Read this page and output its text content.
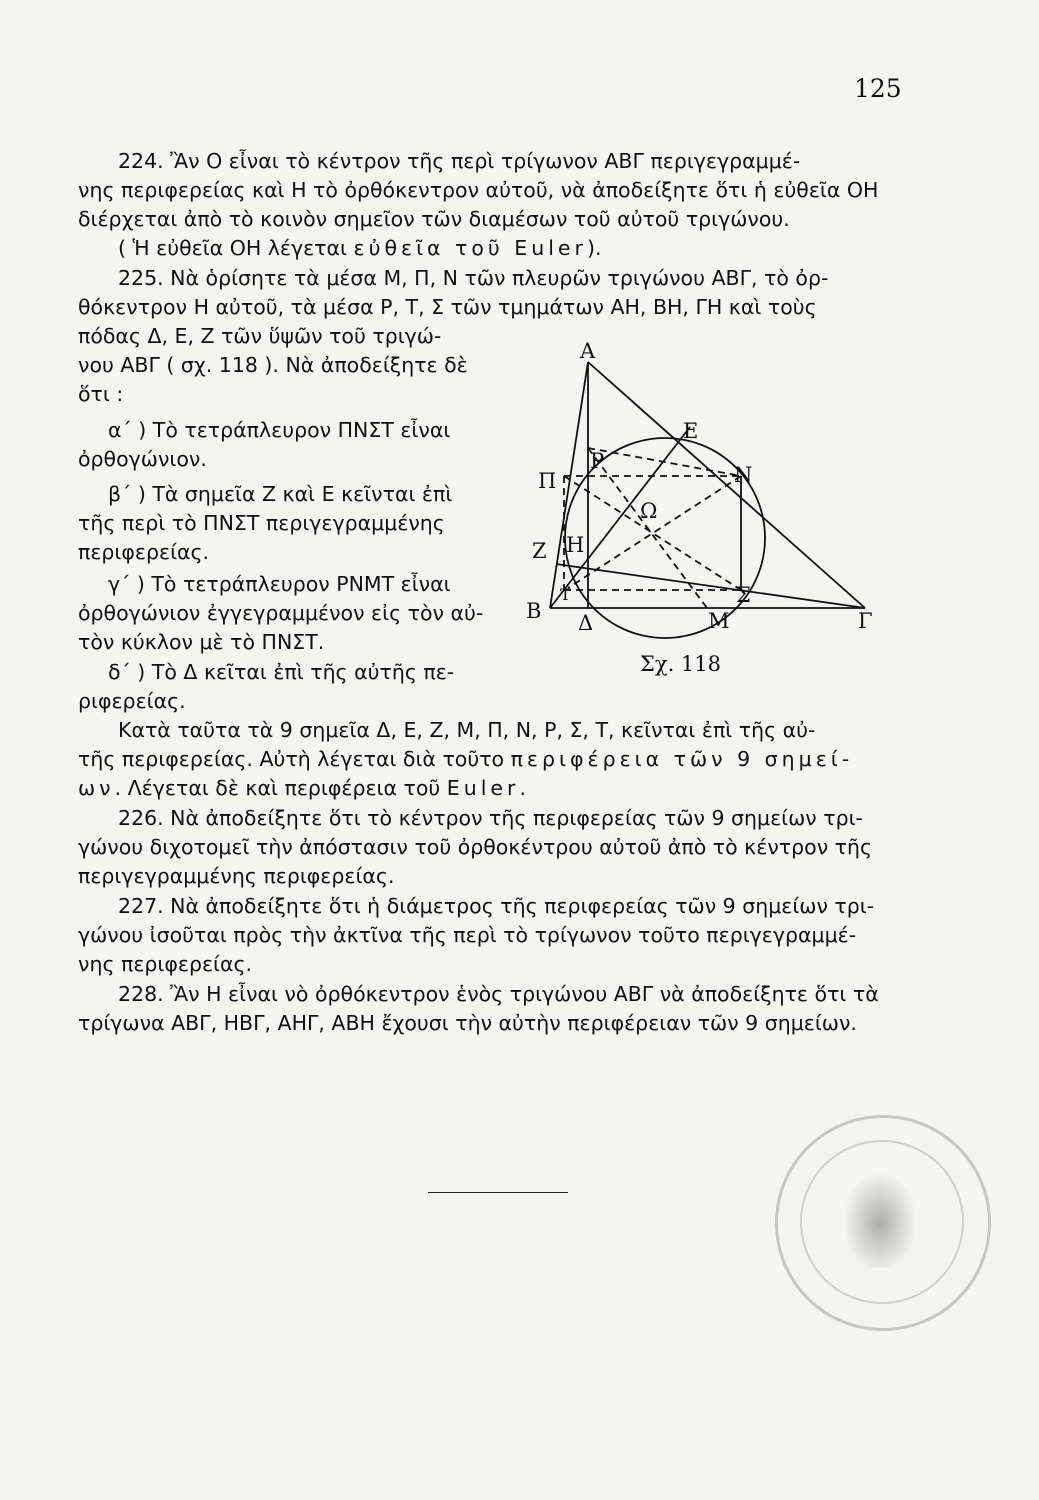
125
224. Ἂν Ο εἶναι τὸ κέντρον τῆς περὶ τρίγωνον ΑΒΓ περιγεγραμμέ-
νης περιφερείας καὶ Η τὸ ὀρθόκεντρον αὐτοῦ, νὰ ἀποδείξητε ὅτι ἡ εὐθεῖα ΟΗ
διέρχεται ἀπὸ τὸ κοινὸν σημεῖον τῶν διαμέσων τοῦ αὐτοῦ τριγώνου.
( Ἡ εὐθεῖα ΟΗ λέγεται εὐθεῖα τοῦ Euler).
225. Νὰ ὁρίσητε τὰ μέσα Μ, Π, Ν τῶν πλευρῶν τριγώνου ΑΒΓ, τὸ ὀρ-
θόκεντρον Η αὐτοῦ, τὰ μέσα Ρ, Τ, Σ τῶν τμημάτων ΑΗ, ΒΗ, ΓΗ καὶ τοὺς
πόδας Δ, Ε, Ζ τῶν ὕψῶν τοῦ τριγώ-
νου ΑΒΓ ( σχ. 118 ). Νὰ ἀποδείξητε δὲ
ὅτι :
α΄ ) Τὸ τετράπλευρον ΠΝΣΤ εἶναι
ὀρθογώνιον.
β΄ ) Τὰ σημεῖα Ζ καὶ Ε κεῖνται ἐπὶ
τῆς περὶ τὸ ΠΝΣΤ περιγεγραμμένης
περιφερείας.
γ΄ ) Τὸ τετράπλευρον ΡΝΜΤ εἶναι
ὀρθογώνιον ἐγγεγραμμένον εἰς τὸν αὐ-
τὸν κύκλον μὲ τὸ ΠΝΣΤ.
δ΄ ) Τὸ Δ κεῖται ἐπὶ τῆς αὐτῆς πε-
ριφερείας.
Κατὰ ταῦτα τὰ 9 σημεῖα Δ, Ε, Ζ, Μ, Π, Ν, Ρ, Σ, Τ, κεῖνται ἐπὶ τῆς αὐ-
τῆς περιφερείας. Αὐτὴ λέγεται διὰ τοῦτο περιφέρεια τῶν 9 σημεί-
ων. Λέγεται δὲ καὶ περιφέρεια τοῦ Euler.
226. Νὰ ἀποδείξητε ὅτι τὸ κέντρον τῆς περιφερείας τῶν 9 σημείων τρι-
γώνου διχοτομεῖ τὴν ἀπόστασιν τοῦ ὀρθοκέντρου αὐτοῦ ἀπὸ τὸ κέντρον τῆς
περιγεγραμμένης περιφερείας.
227. Νὰ ἀποδείξητε ὅτι ἡ διάμετρος τῆς περιφερείας τῶν 9 σημείων τρι-
γώνου ἰσοῦται πρὸς τὴν ἀκτῖνα τῆς περὶ τὸ τρίγωνον τοῦτο περιγεγραμμέ-
νης περιφερείας.
228. Ἂν Η εἶναι νὸ ὀρθόκεντρον ἑνὸς τριγώνου ΑΒΓ νὰ ἀποδείξητε ὅτι τὰ
τρίγωνα ΑΒΓ, ΗΒΓ, ΑΗΓ, ΑΒΗ ἔχουσι τὴν αὐτὴν περιφέρειαν τῶν 9 σημείων.
Α
Ε
Ρ
Ν
Π
Ω
Ζ Η
Τ	Σ
Β Δ	Μ	Γ
Σχ. 118
